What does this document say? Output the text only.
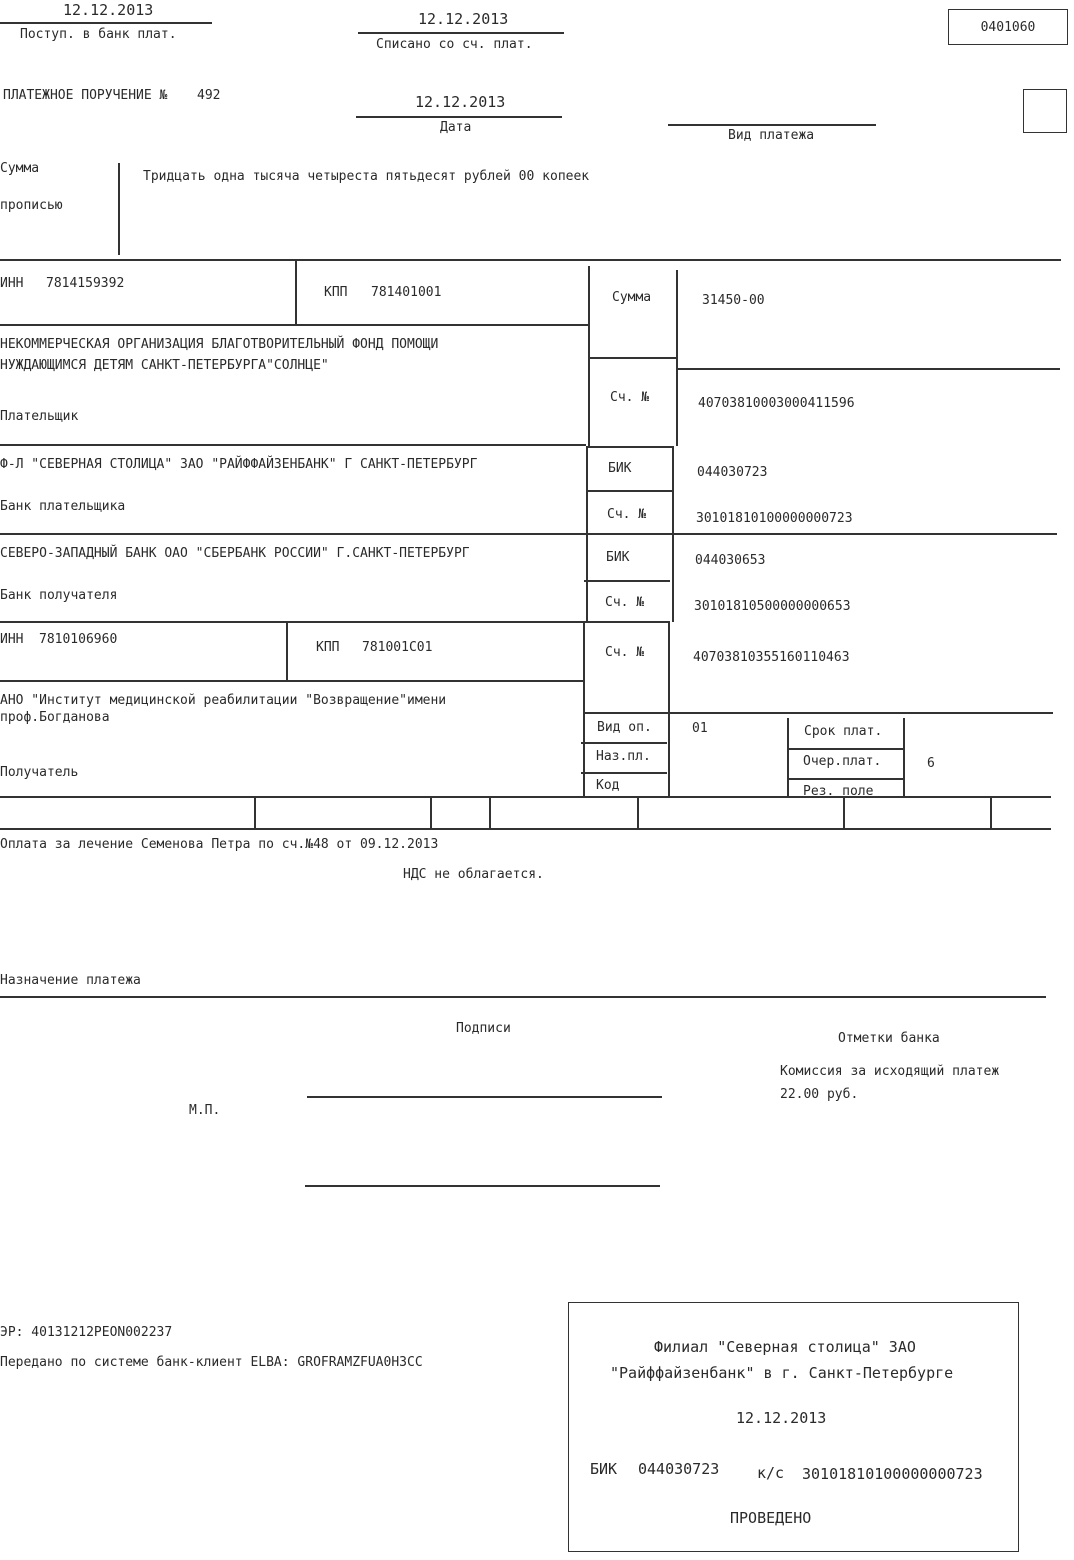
12.12.2013
Поступ. в банк плат.
12.12.2013
Списано со сч. плат.
0401060
ПЛАТЕЖНОЕ ПОРУЧЕНИЕ № 492	12.12.2013
Дата
Вид платежа
Сумма
прописью
Тридцать одна тысяча четыреста пятьдесят рублей 00 копеек
ИНН 7814159392
КПП 781401001	Сумма	31450-00
НЕКОММЕРЧЕСКАЯ ОРГАНИЗАЦИЯ БЛАГОТВОРИТЕЛЬНЫЙ ФОНД ПОМОЩИ
НУЖДАЮЩИМСЯ ДЕТЯМ САНКТ-ПЕТЕРБУРГА"СОЛНЦЕ"
Плательщик
Сч. №	40703810003000411596
Ф-Л "СЕВЕРНАЯ СТОЛИЦА" ЗАО "РАЙФФАЙЗЕНБАНК" Г САНКТ-ПЕТЕРБУРГ
Банк плательщика
БИК	044030723
Сч. №	30101810100000000723
СЕВЕРО-ЗАПАДНЫЙ БАНК ОАО "СБЕРБАНК РОССИИ" Г.САНКТ-ПЕТЕРБУРГ
Банк получателя
БИК	044030653
Сч. №	30101810500000000653
ИНН 7810106960
КПП 781001C01	Сч. №	40703810355160110463
АНО "Институт медицинской реабилитации "Возвращение"имени
проф.Богданова
Получатель
Вид оп.	01
Наз.пл.
Код
Срок плат.
Очер.плат.	6
Рез. поле
Оплата за лечение Семенова Петра по сч.№48 от 09.12.2013
НДС не облагается.
Назначение платежа
Подписи
Отметки банка
Комиссия за исходящий платеж
22.00 руб.
М.П.
ЭР: 40131212PEON002237
Передано по системе банк-клиент ELBA: GROFRAMZFUA0H3CC
Филиал "Северная столица" ЗАО
"Райффайзенбанк" в г. Санкт-Петербурге
12.12.2013
БИК 044030723	к/с 30101810100000000723
ПРОВЕДЕНО
